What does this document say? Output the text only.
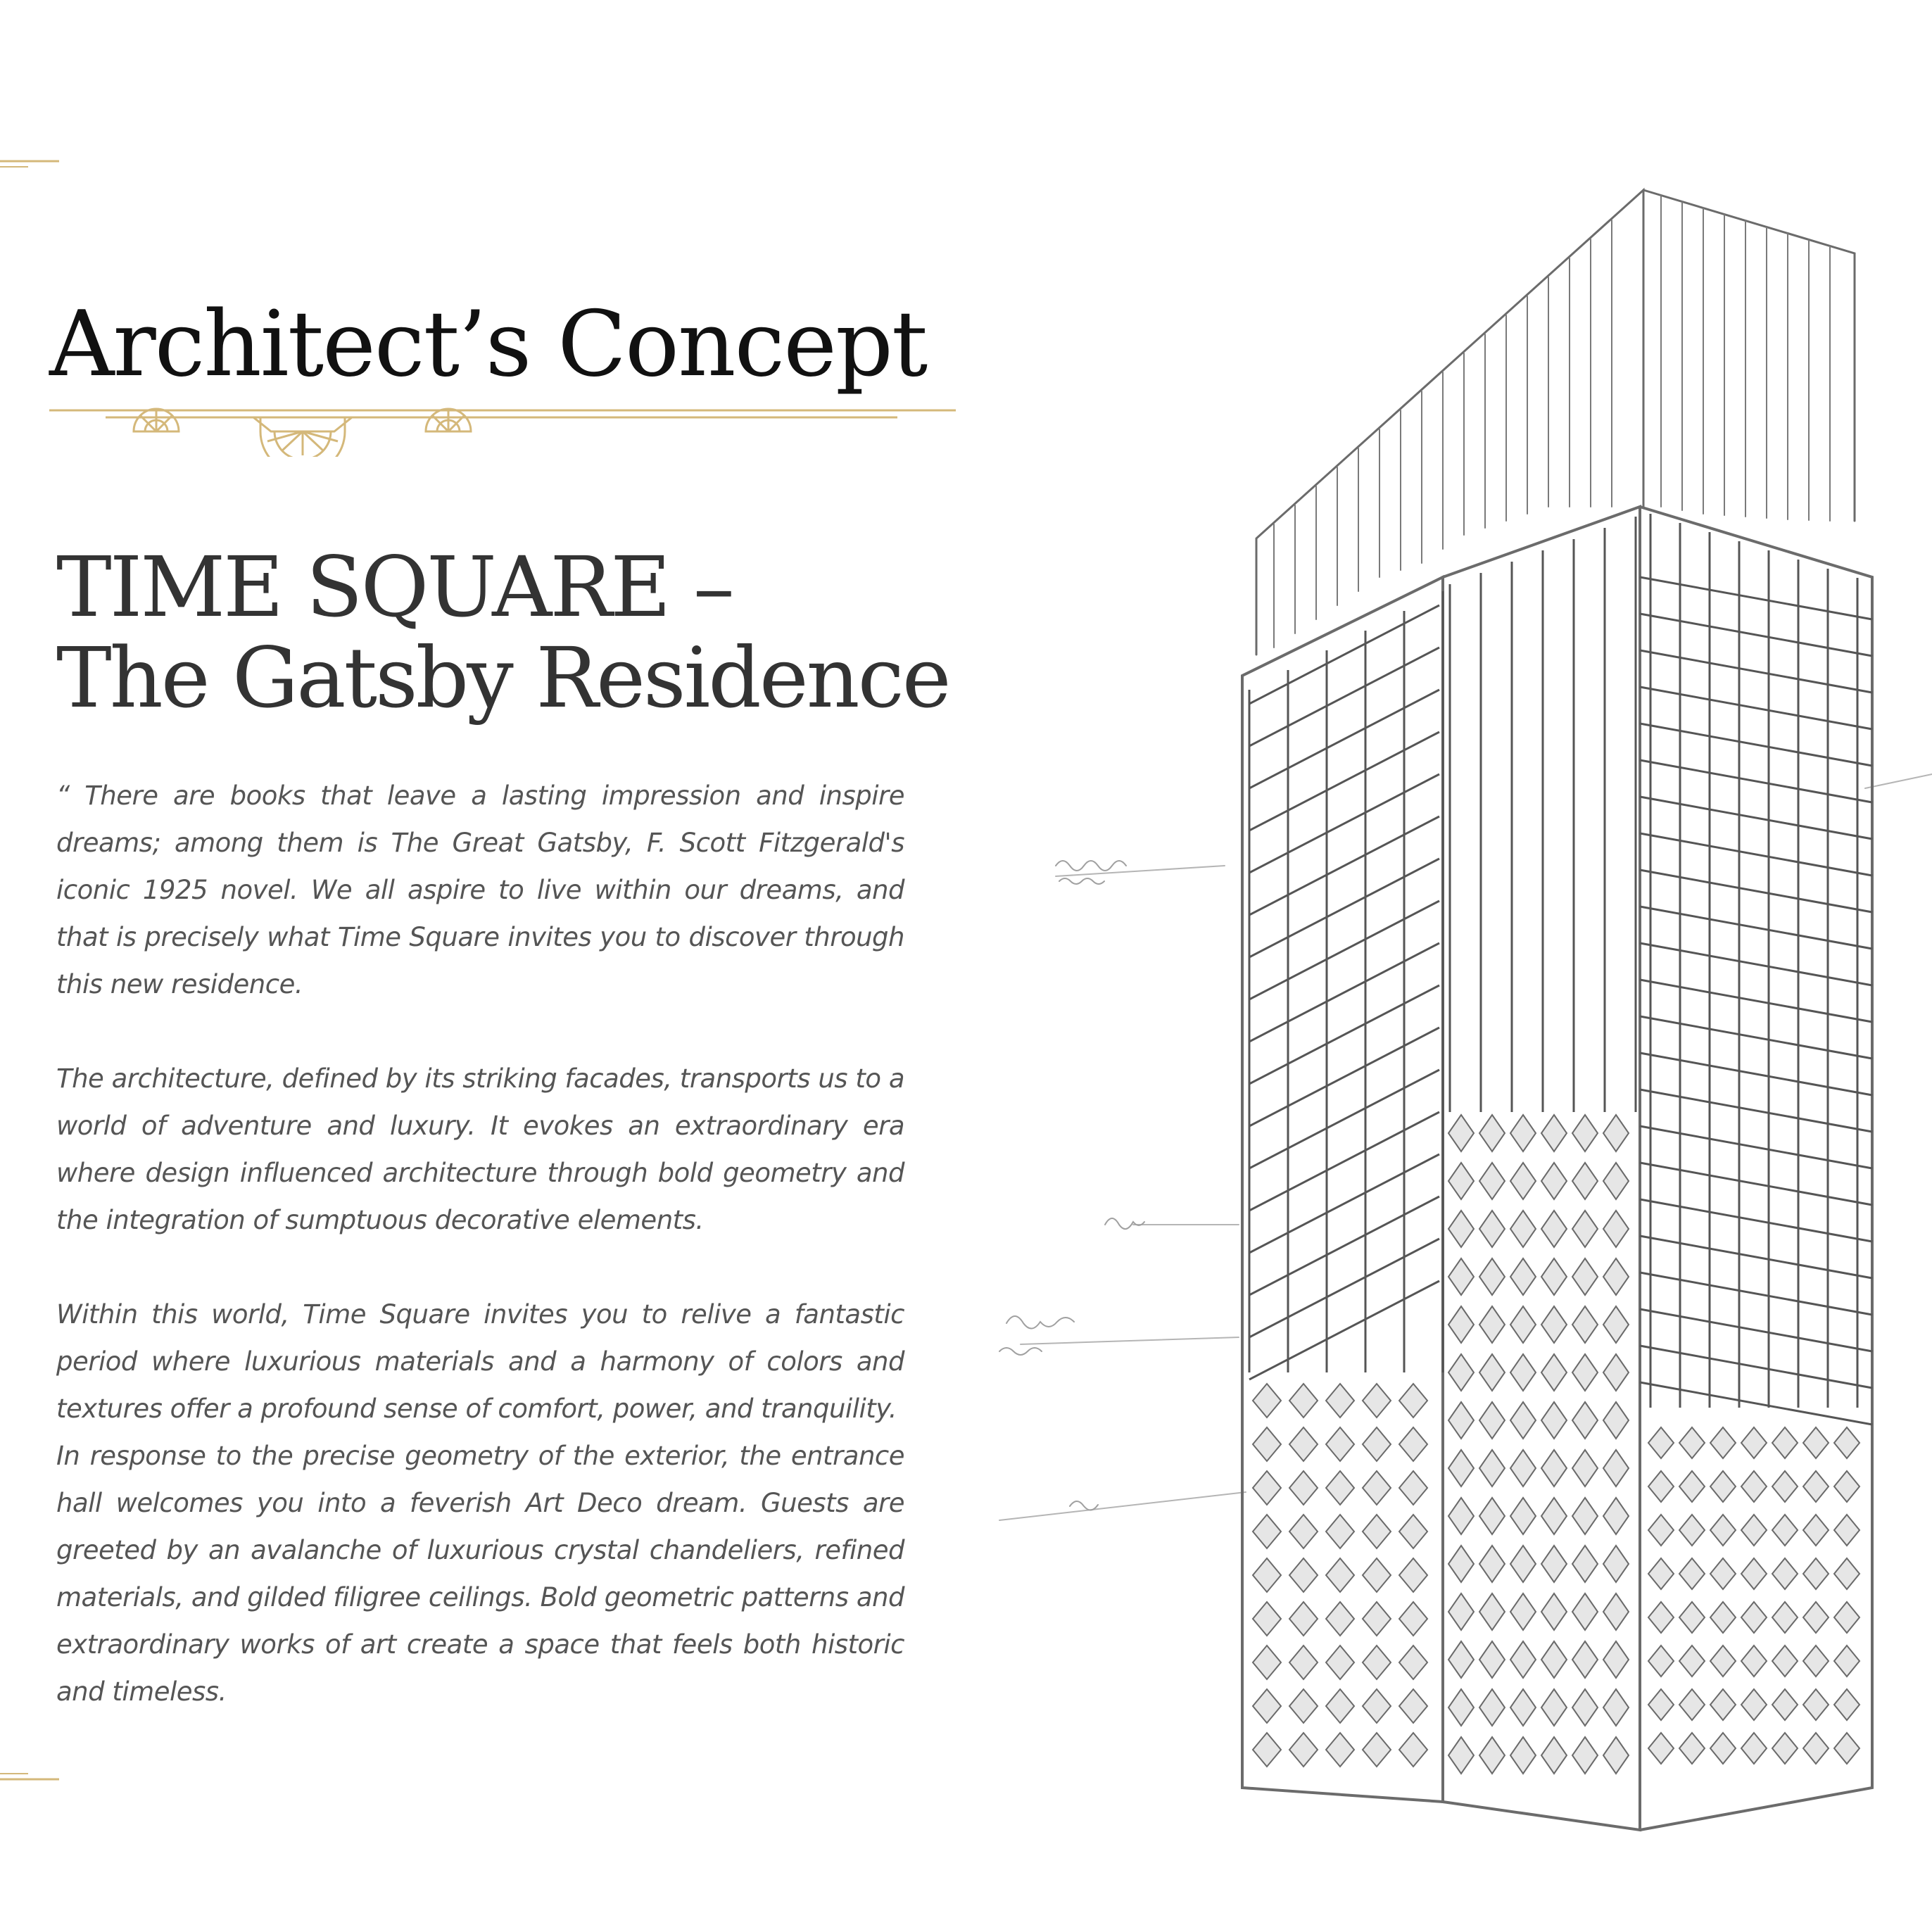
Architect’s Concept

TIME SQUARE –

The Gatsby Residence

“ There are books that leave a lasting impression and inspire dreams; among them is The Great Gatsby, F. Scott Fitzgerald's iconic 1925 novel. We all aspire to live within our dreams, and that is precisely what Time Square invites you to discover through this new residence.

The architecture, defined by its striking facades, transports us to a world of adventure and luxury. It evokes an extraordinary era where design influenced architecture through bold geometry and the integration of sumptuous decorative elements.

Within this world, Time Square invites you to relive a fantastic period where luxurious materials and a harmony of colors and textures offer a profound sense of comfort, power, and tranquility.

In response to the precise geometry of the exterior, the entrance hall welcomes you into a feverish Art Deco dream. Guests are greeted by an avalanche of luxurious crystal chandeliers, refined materials, and gilded filigree ceilings. Bold geometric patterns and extraordinary works of art create a space that feels both historic and timeless.
